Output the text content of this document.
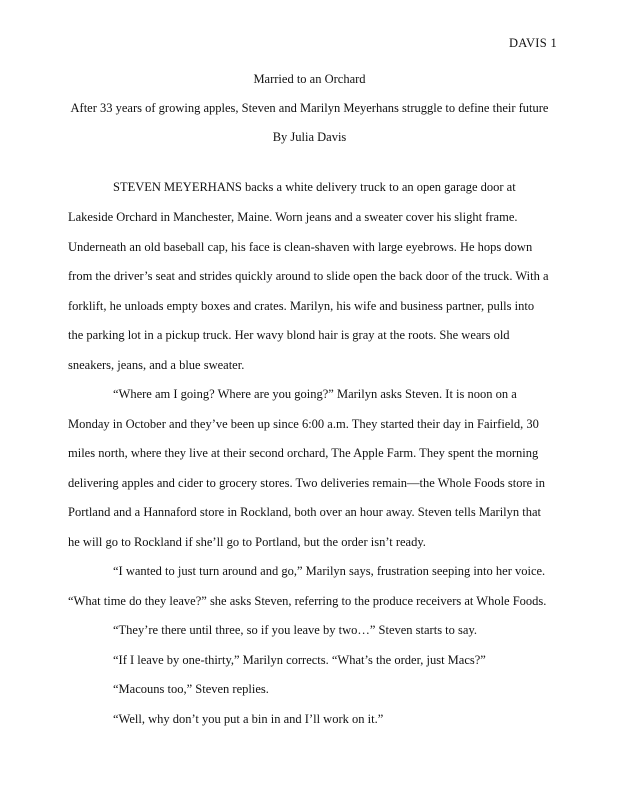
DAVIS 1
Married to an Orchard
After 33 years of growing apples, Steven and Marilyn Meyerhans struggle to define their future
By Julia Davis
STEVEN MEYERHANS backs a white delivery truck to an open garage door at
Lakeside Orchard in Manchester, Maine. Worn jeans and a sweater cover his slight frame.
Underneath an old baseball cap, his face is clean-shaven with large eyebrows. He hops down
from the driver’s seat and strides quickly around to slide open the back door of the truck. With a
forklift, he unloads empty boxes and crates. Marilyn, his wife and business partner, pulls into
the parking lot in a pickup truck. Her wavy blond hair is gray at the roots. She wears old
sneakers, jeans, and a blue sweater.
“Where am I going? Where are you going?” Marilyn asks Steven. It is noon on a
Monday in October and they’ve been up since 6:00 a.m. They started their day in Fairfield, 30
miles north, where they live at their second orchard, The Apple Farm. They spent the morning
delivering apples and cider to grocery stores. Two deliveries remain—the Whole Foods store in
Portland and a Hannaford store in Rockland, both over an hour away. Steven tells Marilyn that
he will go to Rockland if she’ll go to Portland, but the order isn’t ready.
“I wanted to just turn around and go,” Marilyn says, frustration seeping into her voice.
“What time do they leave?” she asks Steven, referring to the produce receivers at Whole Foods.
“They’re there until three, so if you leave by two…” Steven starts to say.
“If I leave by one-thirty,” Marilyn corrects. “What’s the order, just Macs?”
“Macouns too,” Steven replies.
“Well, why don’t you put a bin in and I’ll work on it.”
